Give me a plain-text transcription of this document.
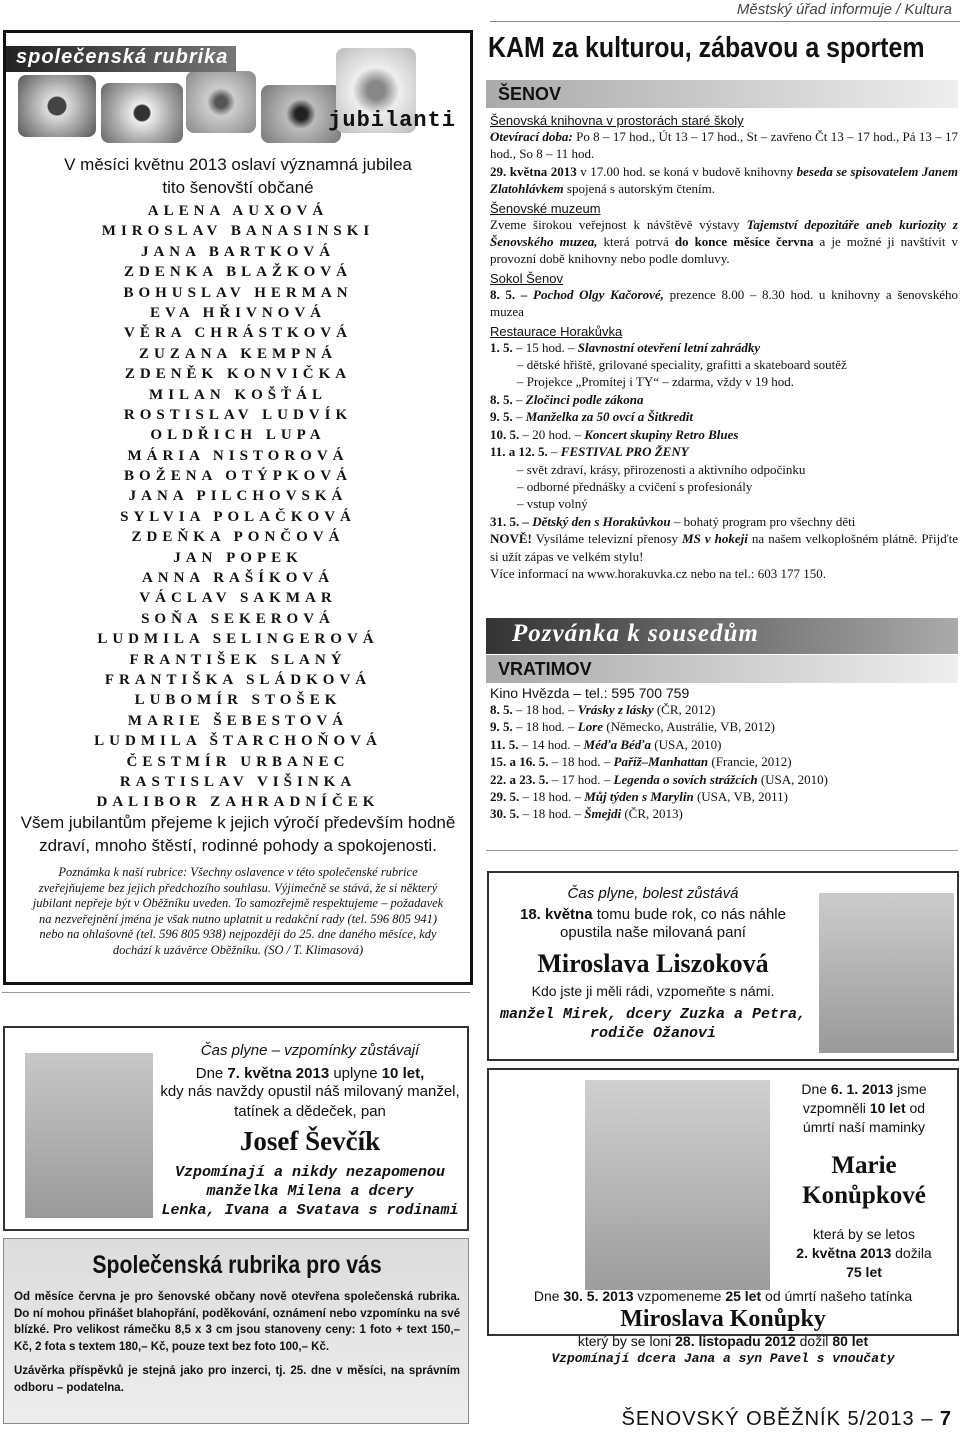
Městský úřad informuje / Kultura
společenská rubrika
jubilanti
V měsíci květnu 2013 oslaví významná jubilea
tito šenovští občané
ALENA AUXOVÁ
MIROSLAV BANASINSKI
JANA BARTKOVÁ
ZDENKA BLAŽKOVÁ
BOHUSLAV HERMAN
EVA HŘIVNOVÁ
VĚRA CHRÁSTKOVÁ
ZUZANA KEMPNÁ
ZDENĚK KONVIČKA
MILAN KOŠŤÁL
ROSTISLAV LUDVÍK
OLDŘICH LUPA
MÁRIA NISTOROVÁ
BOŽENA OTÝPKOVÁ
JANA PILCHOVSKÁ
SYLVIA POLAČKOVÁ
ZDEŇKA PONČOVÁ
JAN POPEK
ANNA RAŠÍKOVÁ
VÁCLAV SAKMAR
SOŇA SEKEROVÁ
LUDMILA SELINGEROVÁ
FRANTIŠEK SLANÝ
FRANTIŠKA SLÁDKOVÁ
LUBOMÍR STOŠEK
MARIE ŠEBESTOVÁ
LUDMILA ŠTARCHOŇOVÁ
ČESTMÍR URBANEC
RASTISLAV VIŠINKA
DALIBOR ZAHRADNÍČEK
Všem jubilantům přejeme k jejich výročí především hodně
zdraví, mnoho štěstí, rodinné pohody a spokojenosti.
Poznámka k naší rubrice: Všechny oslavence v této společenské rubrice zveřejňujeme bez jejich předchozího souhlasu. Výjimečně se stává, že si některý jubilant nepřeje být v Oběžníku uveden. To samozřejmě respektujeme – požadavek na nezveřejnění jména je však nutno uplatnit u redakční rady (tel. 596 805 941) nebo na ohlašovně (tel. 596 805 938) nejpozději do 25. dne daného měsíce, kdy dochází k uzávěrce Oběžníku. (SO / T. Klimasová)
Čas plyne – vzpomínky zůstávají
Dne 7. května 2013 uplyne 10 let,
kdy nás navždy opustil náš milovaný manžel,
tatínek a dědeček, pan
Josef Ševčík
Vzpomínají a nikdy nezapomenou
manželka Milena a dcery
Lenka, Ivana a Svatava s rodinami
Společenská rubrika pro vás
Od měsíce června je pro šenovské občany nově otevřena společenská rubrika. Do ní mohou přinášet blahopřání, poděkování, oznámení nebo vzpomínku na své blízké. Pro velikost rámečku 8,5 x 3 cm jsou stanoveny ceny: 1 foto + text 150,– Kč, 2 fota s textem 180,– Kč, pouze text bez foto 100,– Kč.
Uzávěrka příspěvků je stejná jako pro inzerci, tj. 25. dne v měsíci, na správním odboru – podatelna.
KAM za kulturou, zábavou a sportem
ŠENOV
Šenovská knihovna v prostorách staré školy
Otevírací doba: Po 8 – 17 hod., Út 13 – 17 hod., St – zavřeno Čt 13 – 17 hod., Pá 13 – 17 hod., So 8 – 11 hod.
29. května 2013 v 17.00 hod. se koná v budově knihovny beseda se spisovatelem Janem Zlatohlávkem spojená s autorským čtením.
Šenovské muzeum
Zveme širokou veřejnost k návštěvě výstavy Tajemství depozitáře aneb kuriozity z Šenovského muzea, která potrvá do konce měsíce června a je možné ji navštívit v provozní době knihovny nebo podle domluvy.
Sokol Šenov
8. 5. – Pochod Olgy Kačorové, prezence 8.00 – 8.30 hod. u knihovny a šenovského muzea
Restaurace Horakůvka
1. 5. – 15 hod. – Slavnostní otevření letní zahrádky
– dětské hřiště, grilované speciality, grafitti a skateboard soutěž
– Projekce „Promítej i TY“ – zdarma, vždy v 19 hod.
8. 5. – Zločinci podle zákona
9. 5. – Manželka za 50 ovcí a Šitkredit
10. 5. – 20 hod. – Koncert skupiny Retro Blues
11. a 12. 5. – FESTIVAL PRO ŽENY
– svět zdraví, krásy, přirozenosti a aktivního odpočinku
– odborné přednášky a cvičení s profesionály
– vstup volný
31. 5. – Dětský den s Horakůvkou – bohatý program pro všechny děti
NOVĚ! Vysíláme televizní přenosy MS v hokeji na našem velkoplošném plátně. Přijďte si užít zápas ve velkém stylu!
Více informací na www.horakuvka.cz nebo na tel.: 603 177 150.
Pozvánka k sousedům
VRATIMOV
Kino Hvězda – tel.: 595 700 759
8. 5. – 18 hod. – Vrásky z lásky (ČR, 2012)
9. 5. – 18 hod. – Lore (Německo, Austrálie, VB, 2012)
11. 5. – 14 hod. – Méďa Béďa (USA, 2010)
15. a 16. 5. – 18 hod. – Paříž–Manhattan (Francie, 2012)
22. a 23. 5. – 17 hod. – Legenda o sovích strážcích (USA, 2010)
29. 5. – 18 hod. – Můj týden s Marylin (USA, VB, 2011)
30. 5. – 18 hod. – Šmejdi (ČR, 2013)
Čas plyne, bolest zůstává
18. května tomu bude rok, co nás náhle
opustila naše milovaná paní
Miroslava Liszoková
Kdo jste ji měli rádi, vzpomeňte s námi.
manžel Mirek, dcery Zuzka a Petra,
rodiče Ožanovi
Dne 6. 1. 2013 jsme
vzpomněli 10 let od
úmrtí naší maminky
Marie
Konůpkové
která by se letos
2. května 2013 dožila
75 let
Dne 30. 5. 2013 vzpomeneme 25 let od úmrtí našeho tatínka
Miroslava Konůpky
který by se loni 28. listopadu 2012 dožil 80 let
Vzpomínají dcera Jana a syn Pavel s vnoučaty
ŠENOVSKÝ OBĚŽNÍK 5/2013 – 7
